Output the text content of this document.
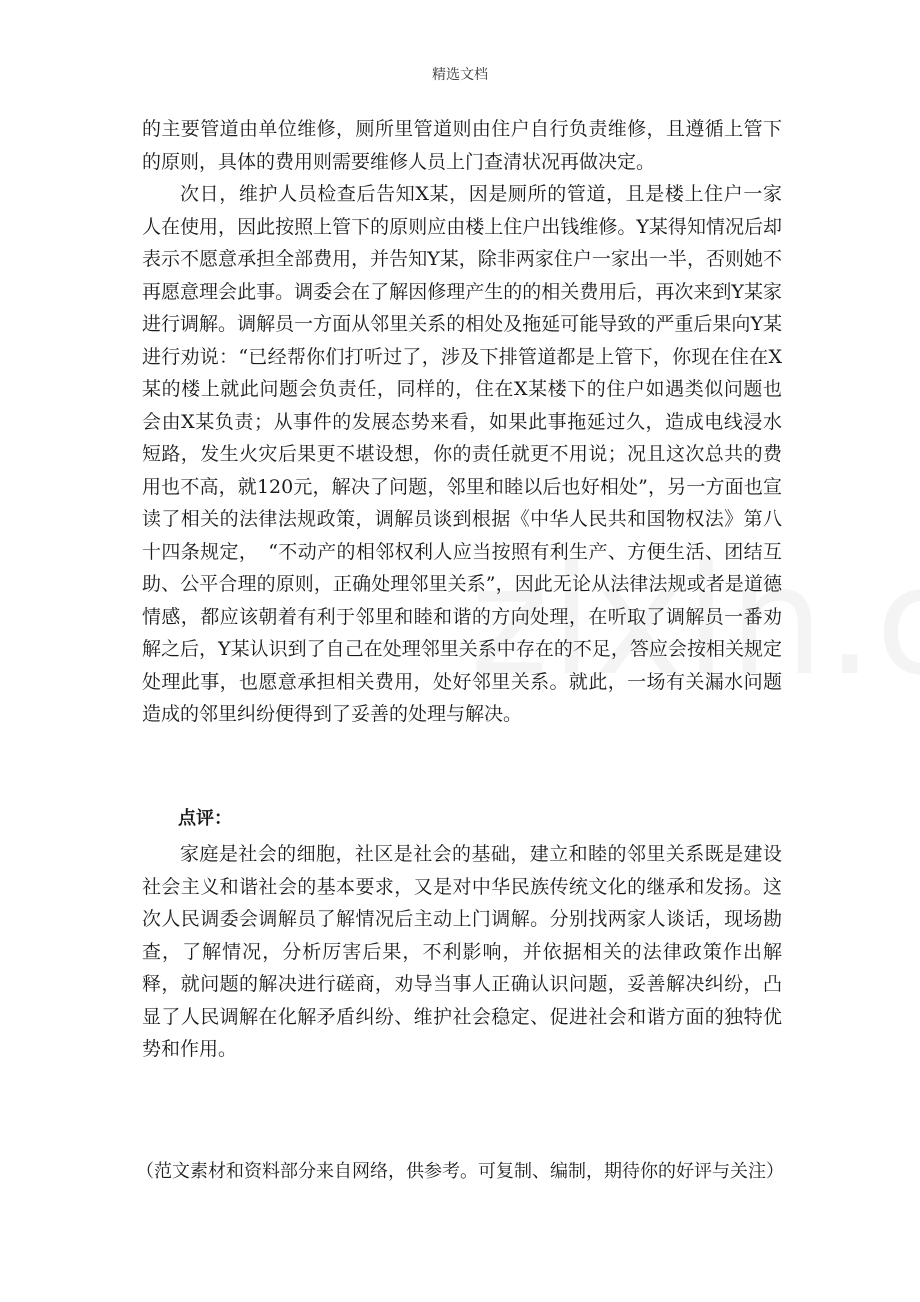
精选文档

的主要管道由单位维修，厕所里管道则由住户自行负责维修，且遵循上管下的原则，具体的费用则需要维修人员上门查清状况再做决定。

次日，维护人员检查后告知X某，因是厕所的管道，且是楼上住户一家人在使用，因此按照上管下的原则应由楼上住户出钱维修。Y某得知情况后却表示不愿意承担全部费用，并告知Y某，除非两家住户一家出一半，否则她不再愿意理会此事。调委会在了解因修理产生的的相关费用后，再次来到Y某家进行调解。调解员一方面从邻里关系的相处及拖延可能导致的严重后果向Y某进行劝说：“已经帮你们打听过了，涉及下排管道都是上管下，你现在住在X某的楼上就此问题会负责任，同样的，住在X某楼下的住户如遇类似问题也会由X某负责；从事件的发展态势来看，如果此事拖延过久，造成电线浸水短路，发生火灾后果更不堪设想，你的责任就更不用说；况且这次总共的费用也不高，就120元，解决了问题，邻里和睦以后也好相处”，另一方面也宣读了相关的法律法规政策，调解员谈到根据《中华人民共和国物权法》第八十四条规定，　“不动产的相邻权利人应当按照有利生产、方便生活、团结互助、公平合理的原则，正确处理邻里关系”，因此无论从法律法规或者是道德情感，都应该朝着有利于邻里和睦和谐的方向处理，在听取了调解员一番劝解之后，Y某认识到了自己在处理邻里关系中存在的不足，答应会按相关规定处理此事，也愿意承担相关费用，处好邻里关系。就此，一场有关漏水问题造成的邻里纠纷便得到了妥善的处理与解决。

点评：

家庭是社会的细胞，社区是社会的基础，建立和睦的邻里关系既是建设社会主义和谐社会的基本要求，又是对中华民族传统文化的继承和发扬。这次人民调委会调解员了解情况后主动上门调解。分别找两家人谈话，现场勘查，了解情况，分析厉害后果，不利影响，并依据相关的法律政策作出解释，就问题的解决进行磋商，劝导当事人正确认识问题，妥善解决纠纷，凸显了人民调解在化解矛盾纠纷、维护社会稳定、促进社会和谐方面的独特优势和作用。

（范文素材和资料部分来自网络，供参考。可复制、编制，期待你的好评与关注）
